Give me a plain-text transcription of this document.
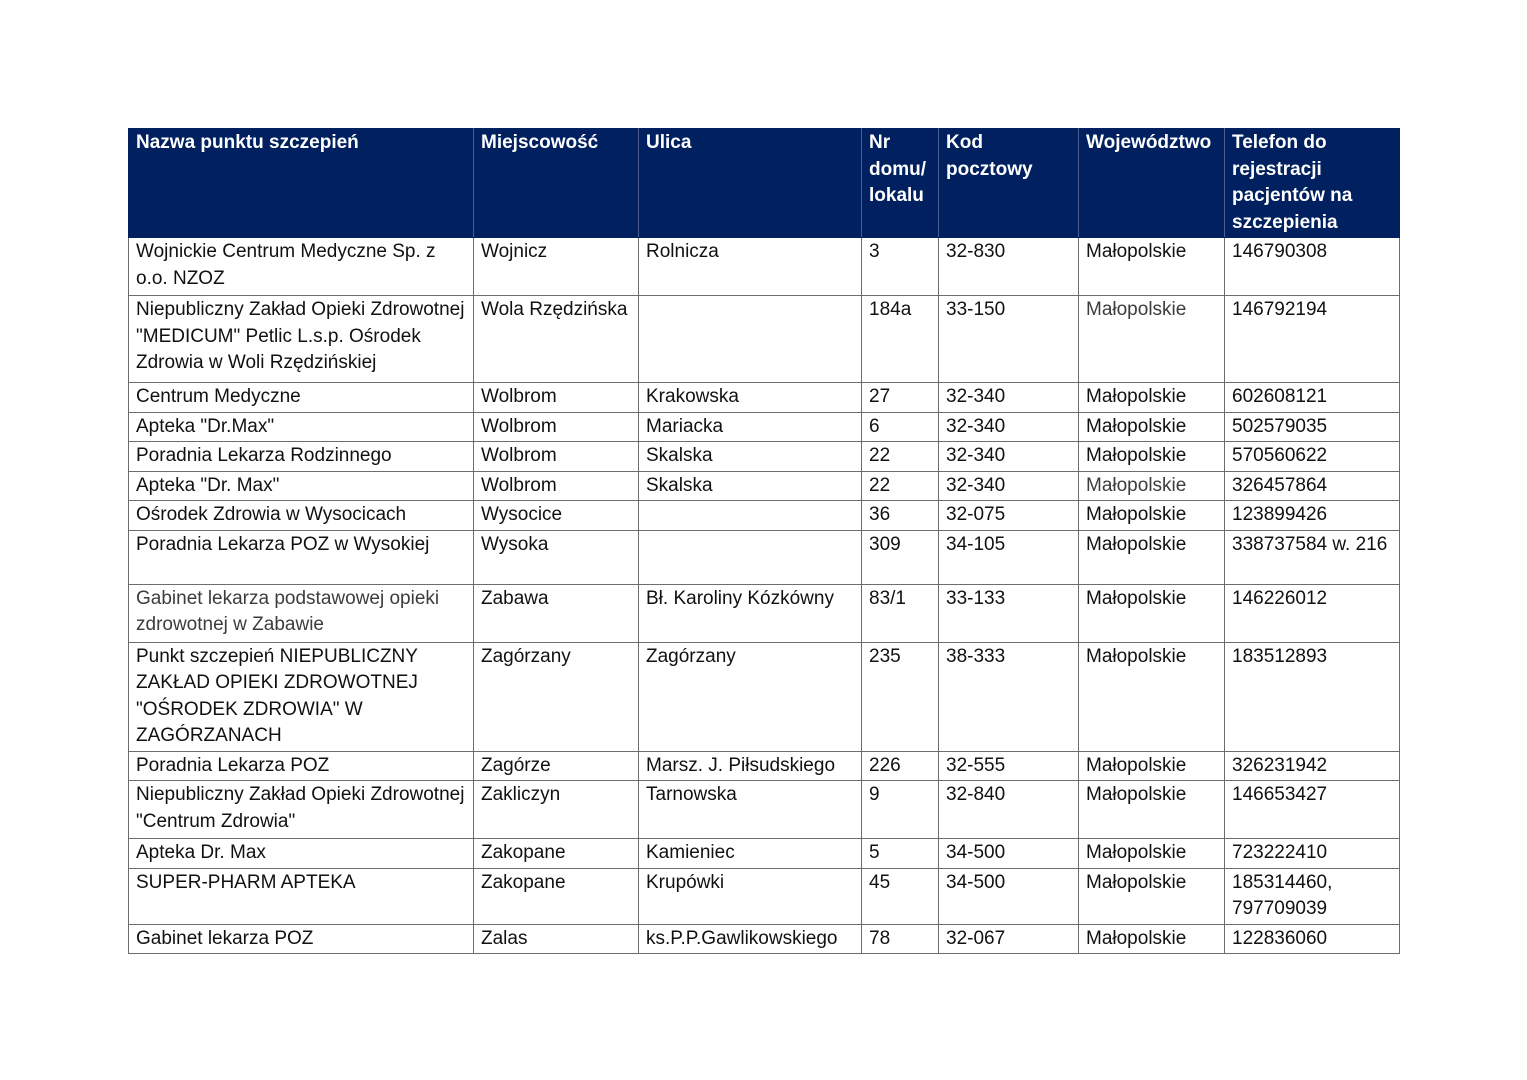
Nazwa punktu szczepień	Miejscowość	Ulica	Nr domu/ lokalu	Kod pocztowy	Województwo	Telefon do rejestracji pacjentów na szczepienia
Wojnickie Centrum Medyczne Sp. z o.o. NZOZ	Wojnicz	Rolnicza	3	32-830	Małopolskie	146790308
Niepubliczny Zakład Opieki Zdrowotnej "MEDICUM" Petlic L.s.p. Ośrodek Zdrowia w Woli Rzędzińskiej	Wola Rzędzińska		184a	33-150	Małopolskie	146792194
Centrum Medyczne	Wolbrom	Krakowska	27	32-340	Małopolskie	602608121
Apteka "Dr.Max"	Wolbrom	Mariacka	6	32-340	Małopolskie	502579035
Poradnia Lekarza Rodzinnego	Wolbrom	Skalska	22	32-340	Małopolskie	570560622
Apteka "Dr. Max"	Wolbrom	Skalska	22	32-340	Małopolskie	326457864
Ośrodek Zdrowia w Wysocicach	Wysocice		36	32-075	Małopolskie	123899426
Poradnia Lekarza POZ w Wysokiej	Wysoka		309	34-105	Małopolskie	338737584 w. 216
Gabinet lekarza podstawowej opieki zdrowotnej w Zabawie	Zabawa	Bł. Karoliny Kózkówny	83/1	33-133	Małopolskie	146226012
Punkt szczepień NIEPUBLICZNY ZAKŁAD OPIEKI ZDROWOTNEJ "OŚRODEK ZDROWIA" W ZAGÓRZANACH	Zagórzany	Zagórzany	235	38-333	Małopolskie	183512893
Poradnia Lekarza POZ	Zagórze	Marsz. J. Piłsudskiego	226	32-555	Małopolskie	326231942
Niepubliczny Zakład Opieki Zdrowotnej "Centrum Zdrowia"	Zakliczyn	Tarnowska	9	32-840	Małopolskie	146653427
Apteka Dr. Max	Zakopane	Kamieniec	5	34-500	Małopolskie	723222410
SUPER-PHARM APTEKA	Zakopane	Krupówki	45	34-500	Małopolskie	185314460, 797709039
Gabinet lekarza POZ	Zalas	ks.P.P.Gawlikowskiego	78	32-067	Małopolskie	122836060
